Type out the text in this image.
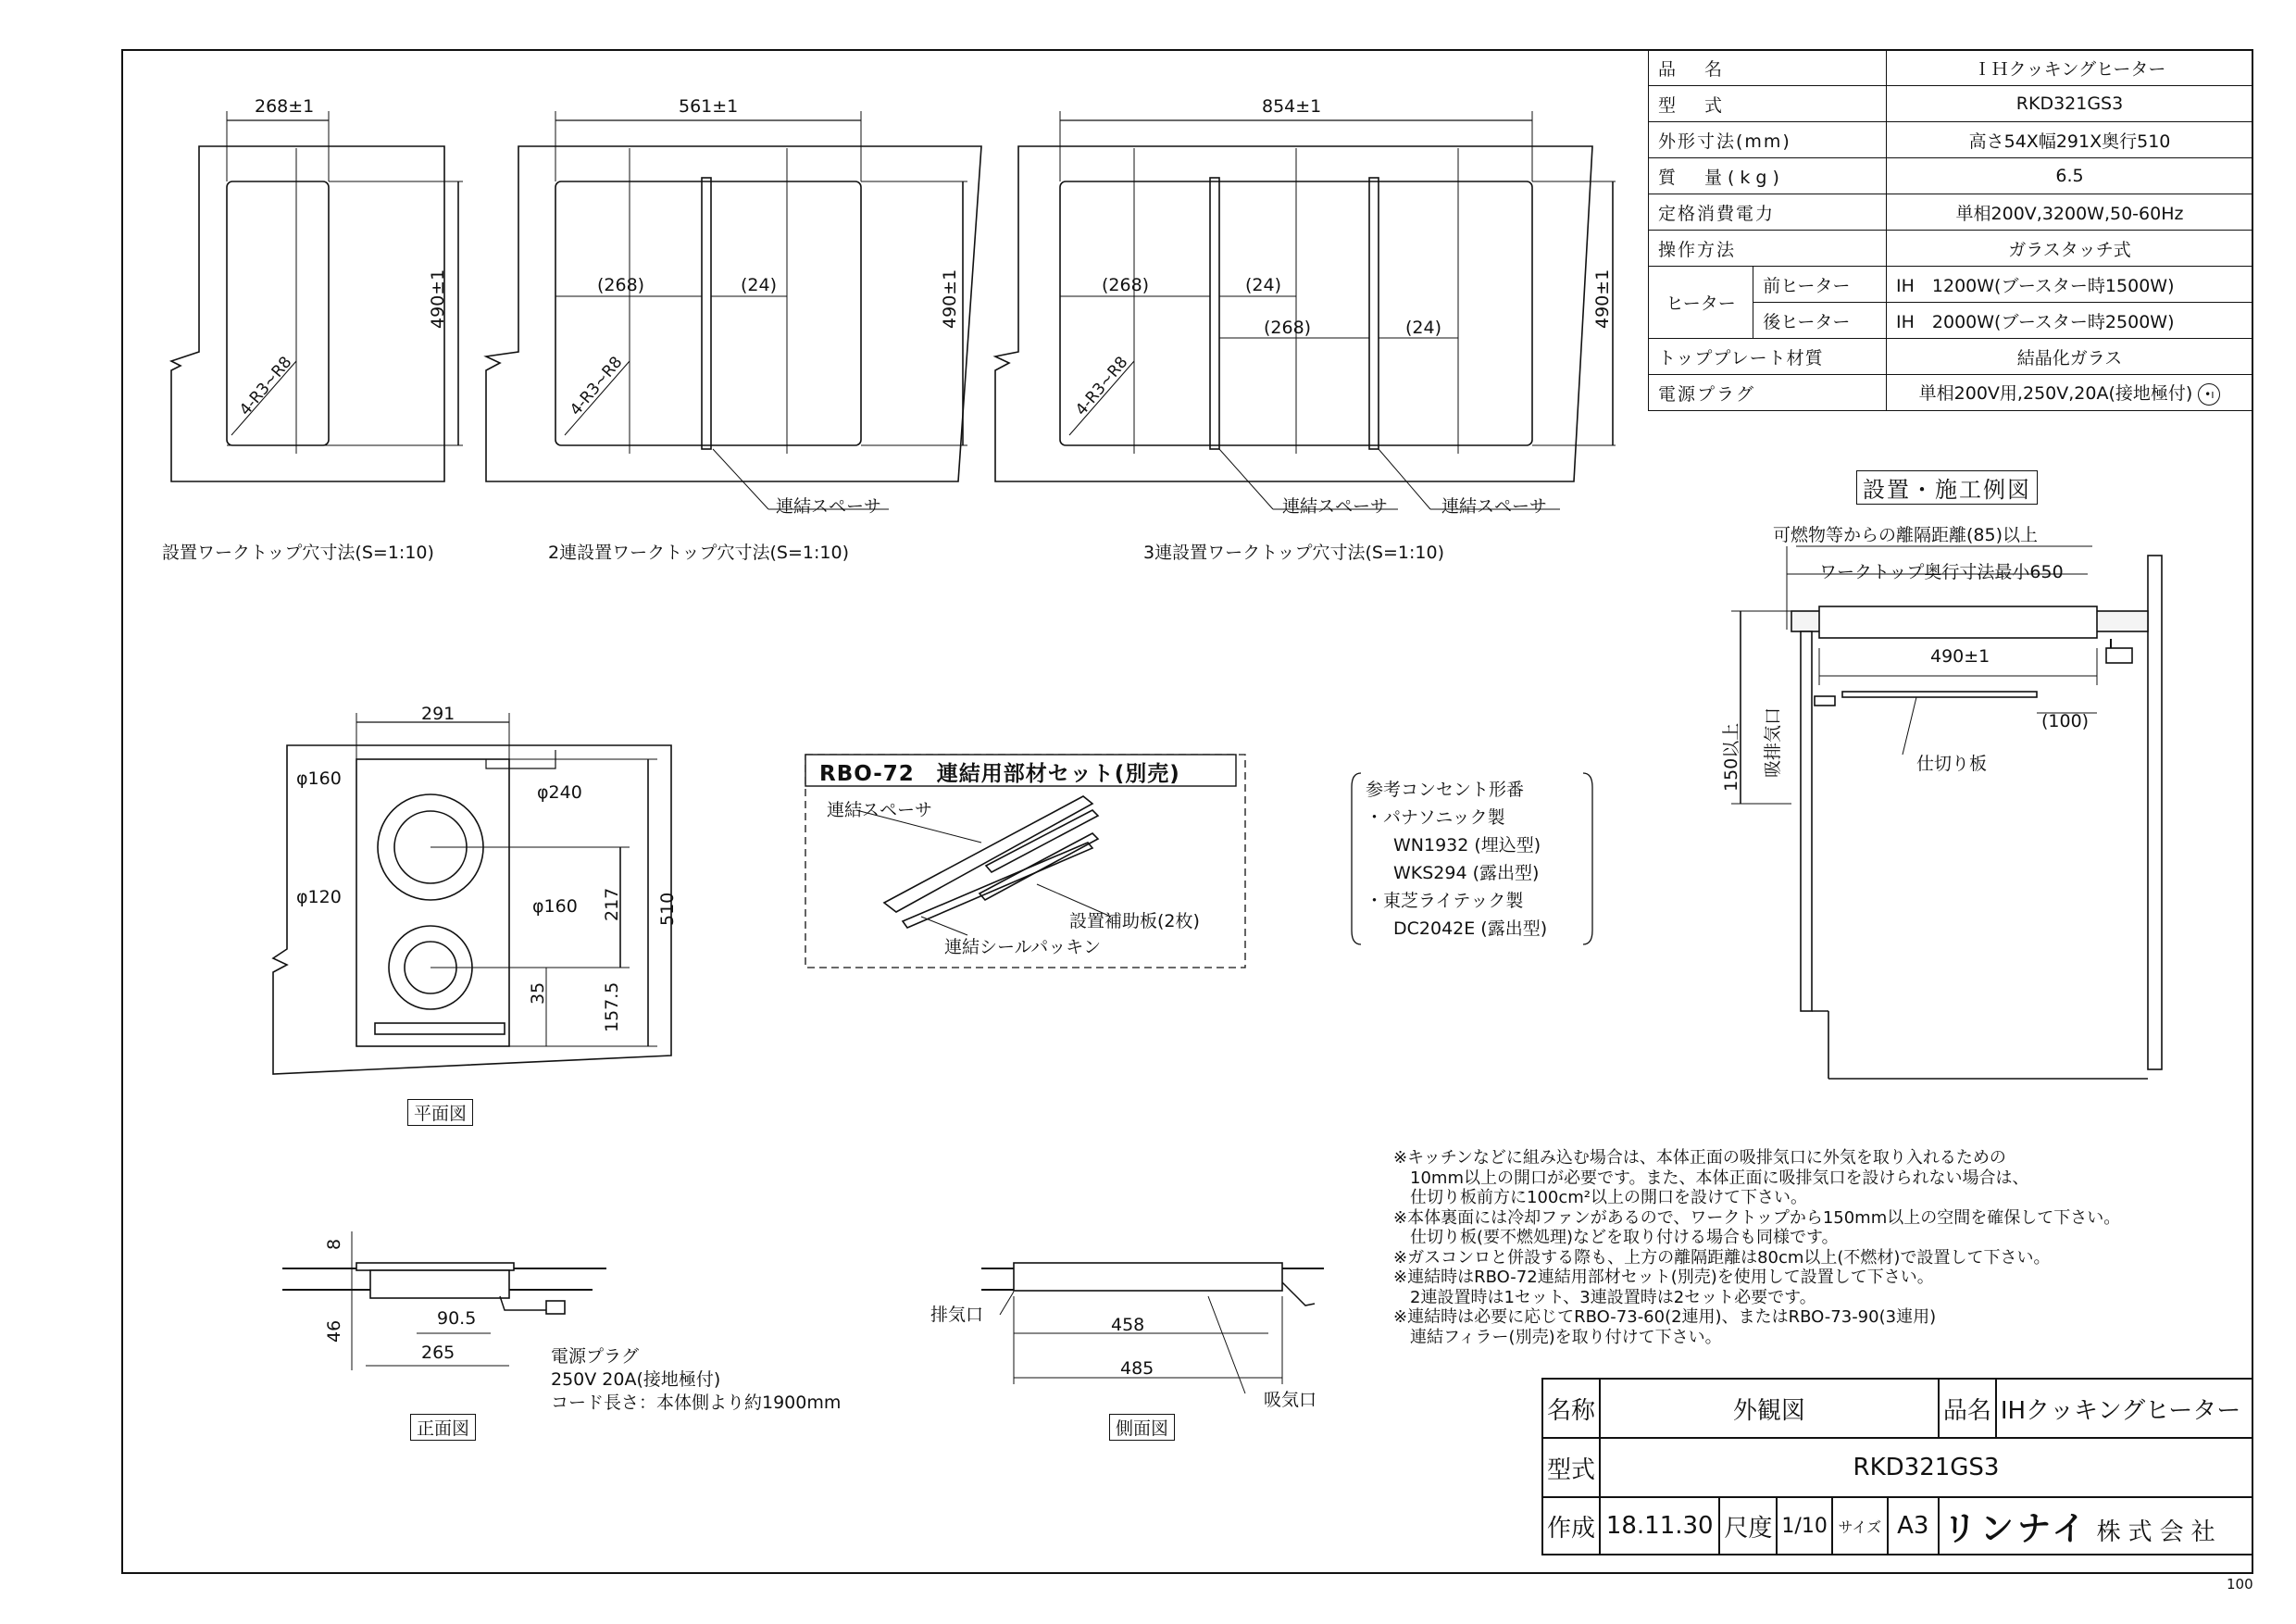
品　名		ＩＨクッキングヒーター
型　式		RKD321GS3
外形寸法(mm)		高さ54X幅291X奥行510
質　量(kg)		6.5
定格消費電力		単相200V,3200W,50-60Hz
操作方法		ガラスタッチ式
ヒーター	前ヒーター	IH　1200W(ブースター時1500W)
	後ヒーター	IH　2000W(ブースター時2500W)
トッププレート材質		結晶化ガラス
電源プラグ		単相200V用,250V,20A(接地極付) •ı
268±1
490±1
4-R3~R8
設置ワークトップ穴寸法(S=1:10)
561±1
490±1
4-R3~R8
(268)	(24)
連結スペーサ
2連設置ワークトップ穴寸法(S=1:10)
854±1
490±1
4-R3~R8
(268)	(24)
(268)	(24)
連結スペーサ	連結スペーサ
3連設置ワークトップ穴寸法(S=1:10)
設置・施工例図
可燃物等からの離隔距離(85)以上
ワークトップ奥行寸法最小650
490±1
(100)
150以上 吸排気口	仕切り板
291
φ160
φ240
φ120	φ160	510
217
35	157.5
平面図
RBO-72　連結用部材セット(別売)
連結スペーサ
設置補助板(2枚)
連結シールパッキン
参考コンセント形番
・パナソニック製
WN1932 (埋込型)
WKS294 (露出型)
・東芝ライテック製
DC2042E (露出型)
8
46
90.5
265	電源プラグ
250V 20A(接地極付)
コード長さ：本体側より約1900mm
正面図
排気口	458
485
吸気口
側面図
※キッチンなどに組み込む場合は、本体正面の吸排気口に外気を取り入れるための
　10mm以上の開口が必要です。また、本体正面に吸排気口を設けられない場合は、
　仕切り板前方に100cm²以上の開口を設けて下さい。
※本体裏面には冷却ファンがあるので、ワークトップから150mm以上の空間を確保して下さい。
　仕切り板(要不燃処理)などを取り付ける場合も同様です。
※ガスコンロと併設する際も、上方の離隔距離は80cm以上(不燃材)で設置して下さい。
※連結時はRBO-72連結用部材セット(別売)を使用して設置して下さい。
　2連設置時は1セット、3連設置時は2セット必要です。
※連結時は必要に応じてRBO-73-60(2連用)、またはRBO-73-90(3連用)
　連結フィラー(別売)を取り付けて下さい。
名称	外観図					品名	IHクッキングヒーター
型式	RKD321GS3						
作成	18.11.30	尺度	1/10	サイズ	A3	リンナイ 株式会社	
100
